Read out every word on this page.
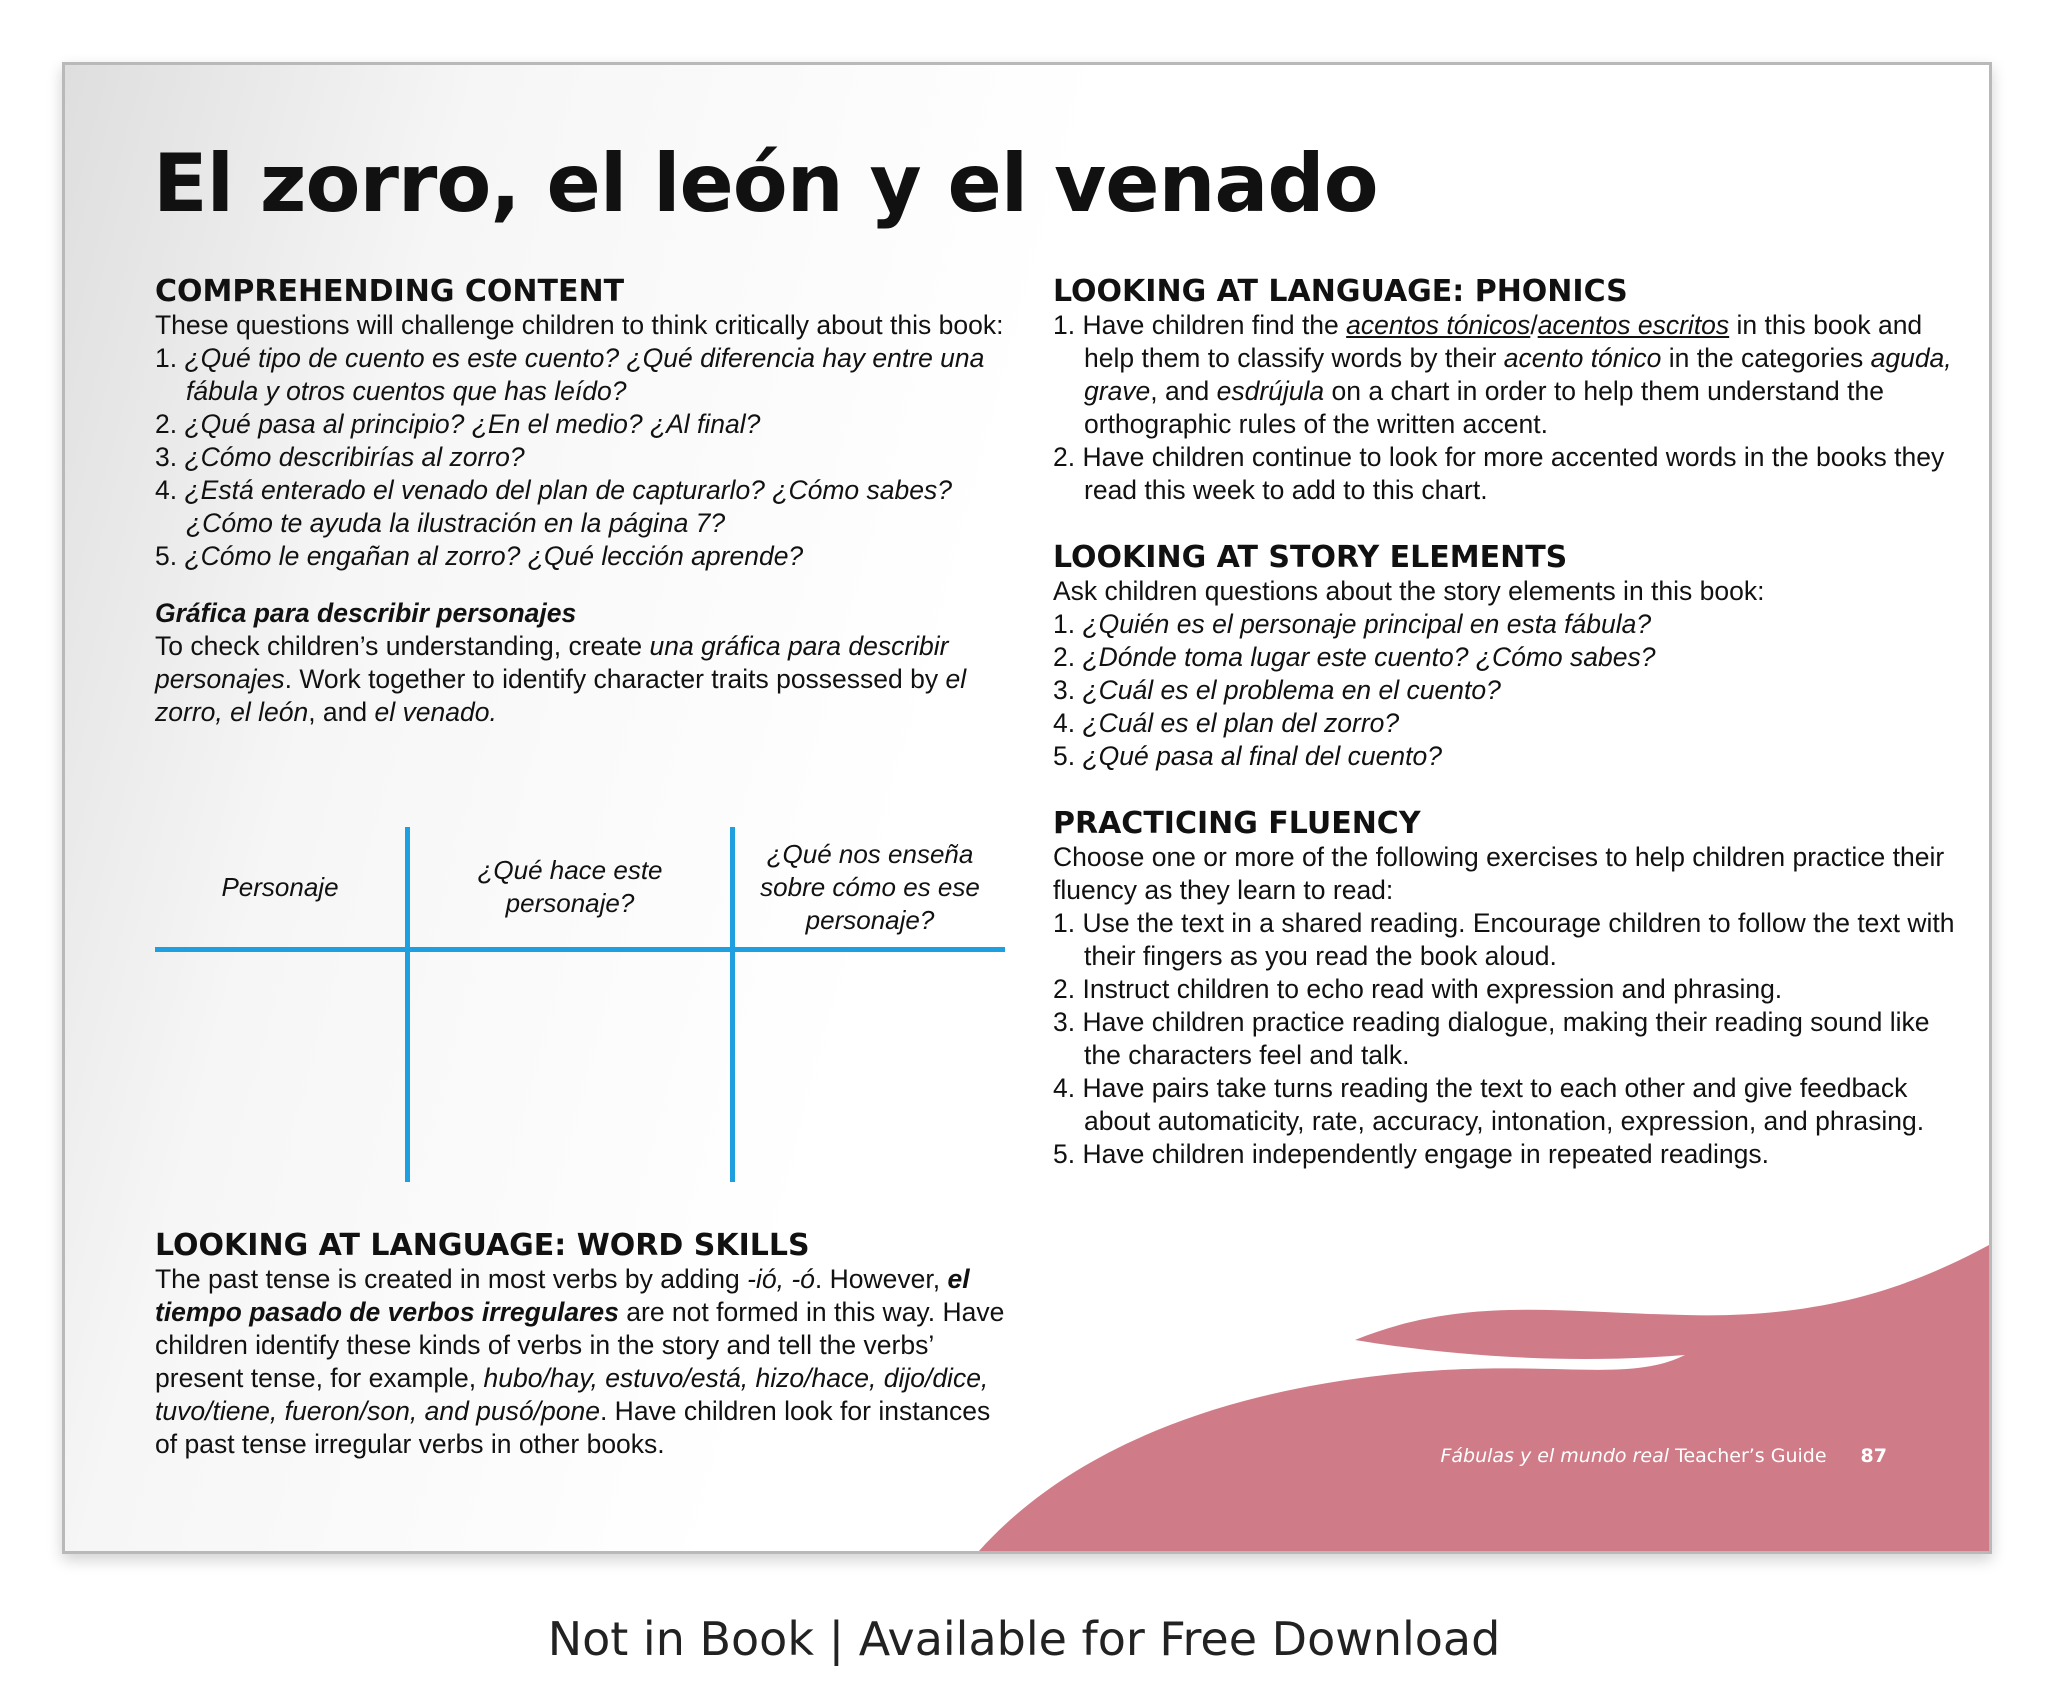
El zorro, el león y el venado
COMPREHENDING CONTENT

These questions will challenge children to think critically about this book:

1. ¿Qué tipo de cuento es este cuento? ¿Qué diferencia hay entre una fábula y otros cuentos que has leído?
2. ¿Qué pasa al principio? ¿En el medio? ¿Al final?
3. ¿Cómo describirías al zorro?
4. ¿Está enterado el venado del plan de capturarlo? ¿Cómo sabes? ¿Cómo te ayuda la ilustración en la página 7?
5. ¿Cómo le engañan al zorro? ¿Qué lección aprende?

Gráfica para describir personajes

To check children’s understanding, create una gráfica para describir personajes. Work together to identify character traits possessed by el zorro, el león, and el venado.

Personaje
¿Qué hace este personaje?
¿Qué nos enseña sobre cómo es ese personaje?
LOOKING AT LANGUAGE: WORD SKILLS

The past tense is created in most verbs by adding -ió, -ó. However, el tiempo pasado de verbos irregulares are not formed in this way. Have children identify these kinds of verbs in the story and tell the verbs’ present tense, for example, hubo/hay, estuvo/está, hizo/hace, dijo/dice, tuvo/tiene, fueron/son, and pusó/pone. Have children look for instances of past tense irregular verbs in other books.

LOOKING AT LANGUAGE: PHONICS
1. Have children find the acentos tónicos/acentos escritos in this book and help them to classify words by their acento tónico in the categories aguda, grave, and esdrújula on a chart in order to help them understand the orthographic rules of the written accent.
2. Have children continue to look for more accented words in the books they read this week to add to this chart.
LOOKING AT STORY ELEMENTS

Ask children questions about the story elements in this book:

1. ¿Quién es el personaje principal en esta fábula?
2. ¿Dónde toma lugar este cuento? ¿Cómo sabes?
3. ¿Cuál es el problema en el cuento?
4. ¿Cuál es el plan del zorro?
5. ¿Qué pasa al final del cuento?
PRACTICING FLUENCY

Choose one or more of the following exercises to help children practice their fluency as they learn to read:

1. Use the text in a shared reading. Encourage children to follow the text with their fingers as you read the book aloud.
2. Instruct children to echo read with expression and phrasing.
3. Have children practice reading dialogue, making their reading sound like the characters feel and talk.
4. Have pairs take turns reading the text to each other and give feedback about automaticity, rate, accuracy, intonation, expression, and phrasing.
5. Have children independently engage in repeated readings.
Fábulas y el mundo real Teacher’s Guide 87
Not in Book | Available for Free Download
